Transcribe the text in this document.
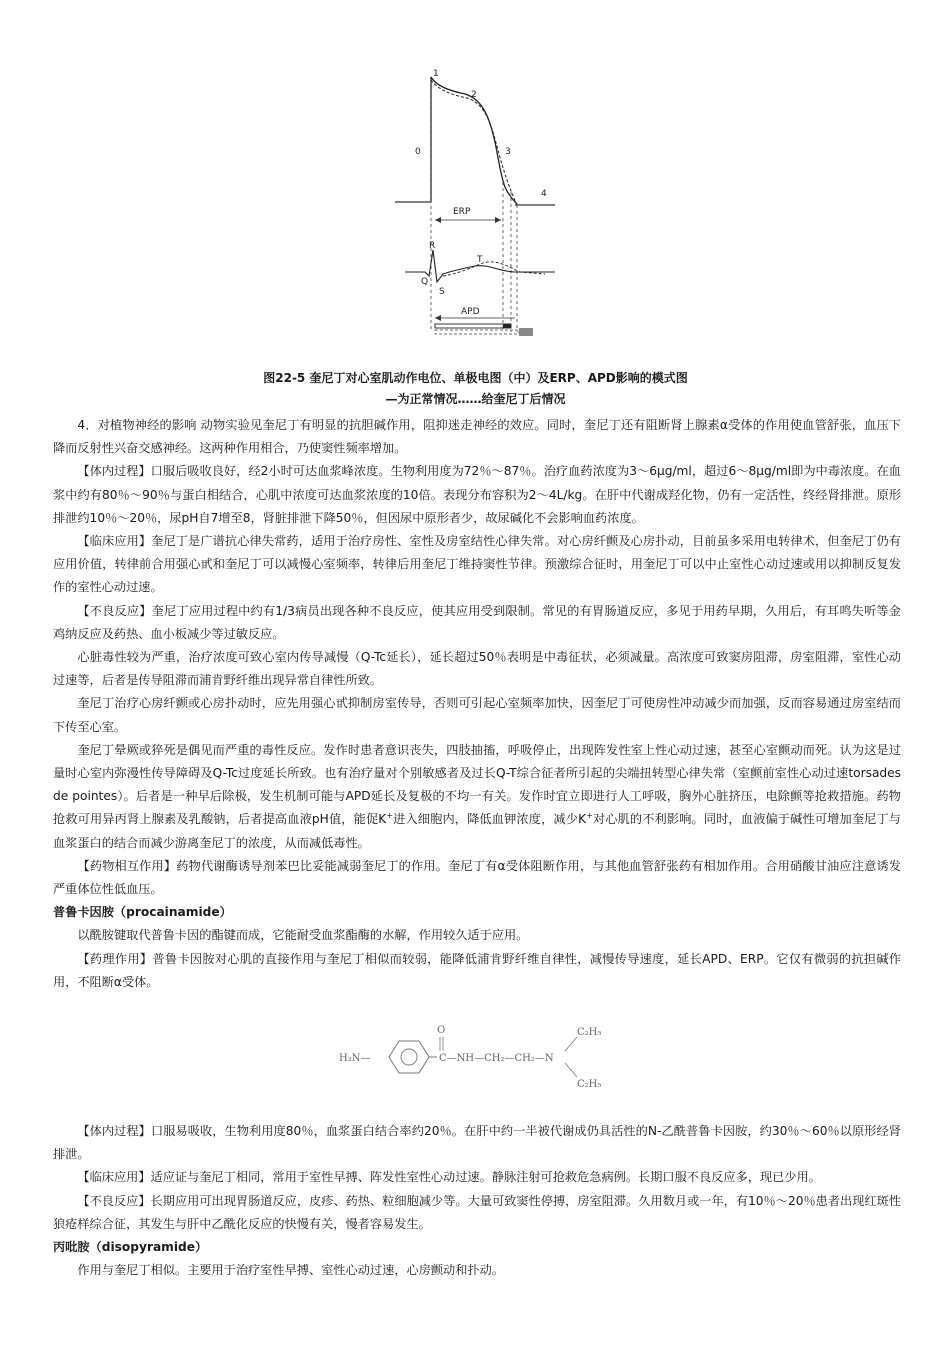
1
2
3
4
0
ERP
R
Q
S
T
APD
图22-5 奎尼丁对心室肌动作电位、单极电图（中）及ERP、APD影响的模式图
—为正常情况……给奎尼丁后情况

4．对植物神经的影响 动物实验见奎尼丁有明显的抗胆碱作用，阻抑迷走神经的效应。同时，奎尼丁还有阻断肾上腺素α受体的作用使血管舒张，血压下降而反射性兴奋交感神经。这两种作用相合，乃使窦性频率增加。

【体内过程】口服后吸收良好，经2小时可达血浆峰浓度。生物利用度为72％～87％。治疗血药浓度为3～6μg/ml，超过6～8μg/ml即为中毒浓度。在血浆中约有80％～90％与蛋白相结合，心肌中浓度可达血浆浓度的10倍。表现分布容积为2～4L/kg。在肝中代谢成羟化物，仍有一定活性，终经肾排泄。原形排泄约10％～20％，尿pH自7增至8，肾脏排泄下降50％，但因尿中原形者少，故尿碱化不会影响血药浓度。

【临床应用】奎尼丁是广谱抗心律失常药，适用于治疗房性、室性及房室结性心律失常。对心房纤颤及心房扑动，目前虽多采用电转律术，但奎尼丁仍有应用价值，转律前合用强心甙和奎尼丁可以减慢心室频率，转律后用奎尼丁维持窦性节律。预激综合征时，用奎尼丁可以中止室性心动过速或用以抑制反复发作的室性心动过速。

【不良反应】奎尼丁应用过程中约有1/3病员出现各种不良反应，使其应用受到限制。常见的有胃肠道反应，多见于用药早期，久用后，有耳鸣失听等金鸡纳反应及药热、血小板减少等过敏反应。

心脏毒性较为严重，治疗浓度可致心室内传导减慢（Q-Tc延长），延长超过50％表明是中毒征状，必须减量。高浓度可致窦房阻滞，房室阻滞，室性心动过速等，后者是传导阻滞而浦肯野纤维出现异常自律性所致。

奎尼丁治疗心房纤颤或心房扑动时，应先用强心甙抑制房室传导，否则可引起心室频率加快，因奎尼丁可使房性冲动减少而加强，反而容易通过房室结而下传至心室。

奎尼丁晕厥或猝死是偶见而严重的毒性反应。发作时患者意识丧失，四肢抽搐，呼吸停止，出现阵发性室上性心动过速，甚至心室颤动而死。认为这是过量时心室内弥漫性传导障碍及Q-Tc过度延长所致。也有治疗量对个别敏感者及过长Q-T综合征者所引起的尖端扭转型心律失常（室颤前室性心动过速torsades de pointes）。后者是一种早后除极，发生机制可能与APD延长及复极的不均一有关。发作时宜立即进行人工呼吸，胸外心脏挤压，电除颤等抢救措施。药物抢救可用异丙肾上腺素及乳酸钠，后者提高血液pH值，能促K+进入细胞内，降低血钾浓度，减少K+对心肌的不利影响。同时，血液偏于碱性可增加奎尼丁与血浆蛋白的结合而减少游离奎尼丁的浓度，从而减低毒性。

【药物相互作用】药物代谢酶诱导剂苯巴比妥能减弱奎尼丁的作用。奎尼丁有α受体阻断作用，与其他血管舒张药有相加作用。合用硝酸甘油应注意诱发严重体位性低血压。

普鲁卡因胺（procainamide）

以酰胺键取代普鲁卡因的酯键而成，它能耐受血浆酯酶的水解，作用较久适于应用。

【药理作用】普鲁卡因胺对心肌的直接作用与奎尼丁相似而较弱，能降低浦肯野纤维自律性，减慢传导速度，延长APD、ERP。它仅有微弱的抗担碱作用，不阻断α受体。

H₂N—	C—NH—CH₂—CH₂—N
O	C₂H₅
C₂H₅

【体内过程】口服易吸收，生物利用度80％，血浆蛋白结合率约20％。在肝中约一半被代谢成仍具活性的N-乙酰普鲁卡因胺，约30％～60％以原形经肾排泄。

【临床应用】适应证与奎尼丁相同，常用于室性早搏、阵发性室性心动过速。静脉注射可抢救危急病例。长期口服不良反应多，现已少用。

【不良反应】长期应用可出现胃肠道反应，皮疹、药热、粒细胞减少等。大量可致窦性停搏，房室阻滞。久用数月或一年，有10％～20％患者出现红斑性狼疮样综合征，其发生与肝中乙酰化反应的快慢有关，慢者容易发生。

丙吡胺（disopyramide）

作用与奎尼丁相似。主要用于治疗室性早搏、室性心动过速，心房颤动和扑动。
